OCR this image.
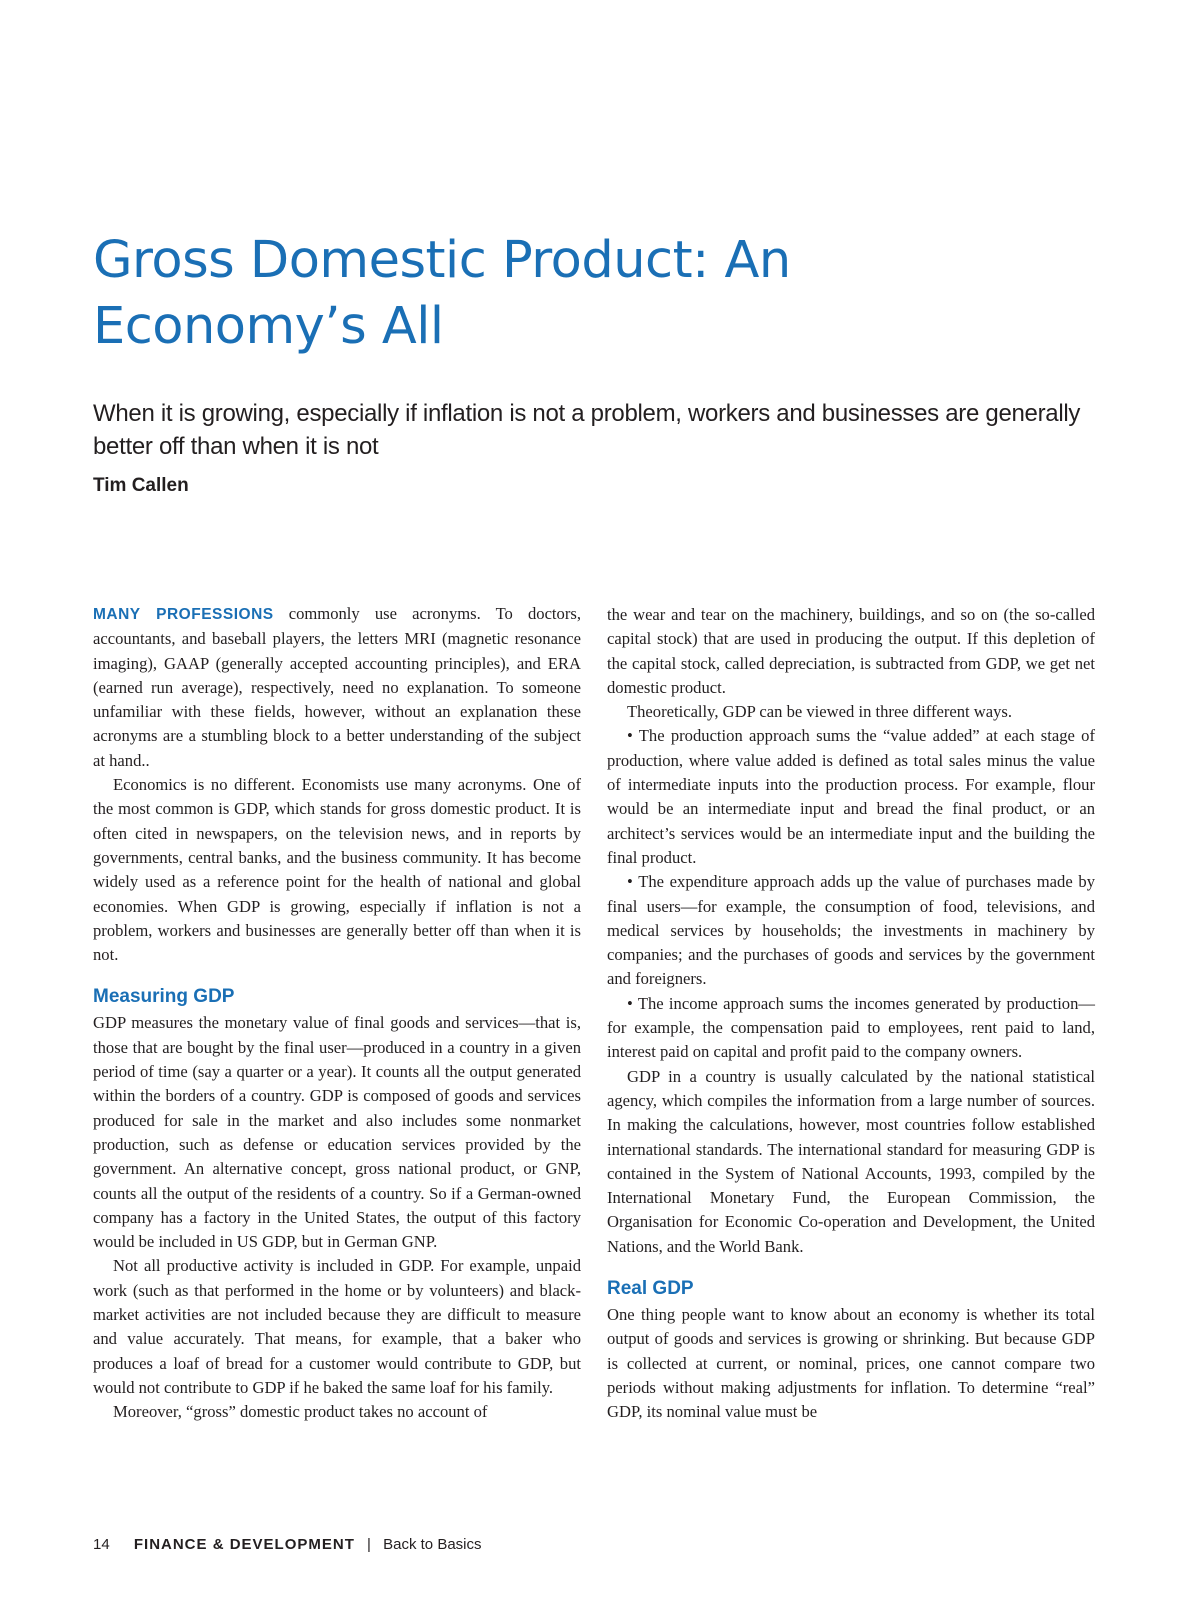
Gross Domestic Product: An
Economy’s All

When it is growing, especially if inflation is not a problem, workers and businesses are generally better off than when it is not

Tim Callen

MANY PROFESSIONS commonly use acronyms. To doctors, accountants, and baseball players, the letters MRI (magnetic resonance imaging), GAAP (generally accepted accounting principles), and ERA (earned run average), respectively, need no explanation. To someone unfamiliar with these fields, however, without an explanation these acronyms are a stumbling block to a better understanding of the subject at hand..

Economics is no different. Economists use many acronyms. One of the most common is GDP, which stands for gross domestic product. It is often cited in newspapers, on the television news, and in reports by governments, central banks, and the business community. It has become widely used as a reference point for the health of national and global economies. When GDP is growing, especially if inflation is not a problem, workers and businesses are generally better off than when it is not.

Measuring GDP

GDP measures the monetary value of final goods and services—that is, those that are bought by the final user—produced in a country in a given period of time (say a quarter or a year). It counts all the output generated within the borders of a country. GDP is composed of goods and services produced for sale in the market and also includes some nonmarket production, such as defense or education services provided by the government. An alternative concept, gross national product, or GNP, counts all the output of the residents of a country. So if a German-owned company has a factory in the United States, the output of this factory would be included in US GDP, but in German GNP.

Not all productive activity is included in GDP. For example, unpaid work (such as that performed in the home or by volunteers) and black-market activities are not included because they are difficult to measure and value accurately. That means, for example, that a baker who produces a loaf of bread for a customer would contribute to GDP, but would not contribute to GDP if he baked the same loaf for his family.

Moreover, “gross” domestic product takes no account of

the wear and tear on the machinery, buildings, and so on (the so-called capital stock) that are used in producing the output. If this depletion of the capital stock, called depreciation, is subtracted from GDP, we get net domestic product.

Theoretically, GDP can be viewed in three different ways.

• The production approach sums the “value added” at each stage of production, where value added is defined as total sales minus the value of intermediate inputs into the production process. For example, flour would be an intermediate input and bread the final product, or an architect’s services would be an intermediate input and the building the final product.

• The expenditure approach adds up the value of purchases made by final users—for example, the consumption of food, televisions, and medical services by households; the investments in machinery by companies; and the purchases of goods and services by the government and foreigners.

• The income approach sums the incomes generated by production—for example, the compensation paid to employees, rent paid to land, interest paid on capital and profit paid to the company owners.

GDP in a country is usually calculated by the national statistical agency, which compiles the information from a large number of sources. In making the calculations, however, most countries follow established international standards. The international standard for measuring GDP is contained in the System of National Accounts, 1993, compiled by the International Monetary Fund, the European Commission, the Organisation for Economic Co-operation and Development, the United Nations, and the World Bank.

Real GDP

One thing people want to know about an economy is whether its total output of goods and services is growing or shrinking. But because GDP is collected at current, or nominal, prices, one cannot compare two periods without making adjustments for inflation. To determine “real” GDP, its nominal value must be

14 FINANCE & DEVELOPMENT | Back to Basics
